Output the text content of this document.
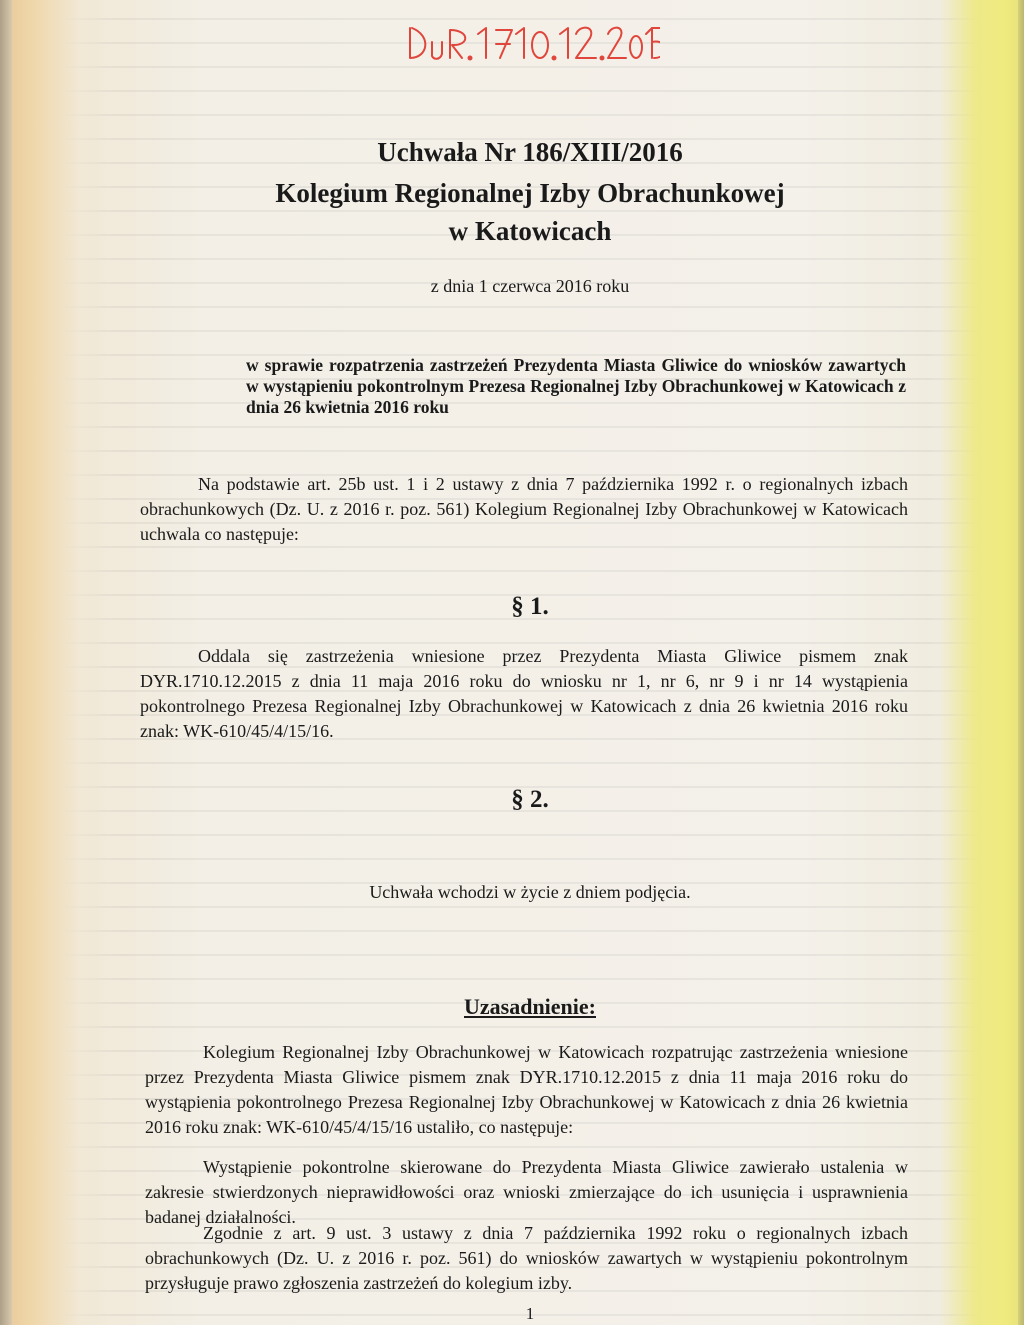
Uchwała Nr 186/XIII/2016
Kolegium Regionalnej Izby Obrachunkowej
w Katowicach
z dnia 1 czerwca 2016 roku
w sprawie rozpatrzenia zastrzeżeń Prezydenta Miasta Gliwice do wniosków zawartych w wystąpieniu pokontrolnym Prezesa Regionalnej Izby Obrachunkowej w Katowicach z dnia 26 kwietnia 2016 roku
Na podstawie art. 25b ust. 1 i 2 ustawy z dnia 7 października 1992 r. o regionalnych izbach obrachunkowych (Dz. U. z 2016 r. poz. 561) Kolegium Regionalnej Izby Obrachunkowej w Katowicach uchwala co następuje:
§ 1.
Oddala się zastrzeżenia wniesione przez Prezydenta Miasta Gliwice pismem znak DYR.1710.12.2015 z dnia 11 maja 2016 roku do wniosku nr 1, nr 6, nr 9 i nr 14 wystąpienia pokontrolnego Prezesa Regionalnej Izby Obrachunkowej w Katowicach z dnia 26 kwietnia 2016 roku znak: WK-610/45/4/15/16.
§ 2.
Uchwała wchodzi w życie z dniem podjęcia.
Uzasadnienie:
Kolegium Regionalnej Izby Obrachunkowej w Katowicach rozpatrując zastrzeżenia wniesione przez Prezydenta Miasta Gliwice pismem znak DYR.1710.12.2015 z dnia 11 maja 2016 roku do wystąpienia pokontrolnego Prezesa Regionalnej Izby Obrachunkowej w Katowicach z dnia 26 kwietnia 2016 roku znak: WK-610/45/4/15/16 ustaliło, co następuje:
Wystąpienie pokontrolne skierowane do Prezydenta Miasta Gliwice zawierało ustalenia w zakresie stwierdzonych nieprawidłowości oraz wnioski zmierzające do ich usunięcia i usprawnienia badanej działalności.
Zgodnie z art. 9 ust. 3 ustawy z dnia 7 października 1992 roku o regionalnych izbach obrachunkowych (Dz. U. z 2016 r. poz. 561) do wniosków zawartych w wystąpieniu pokontrolnym przysługuje prawo zgłoszenia zastrzeżeń do kolegium izby.
1
